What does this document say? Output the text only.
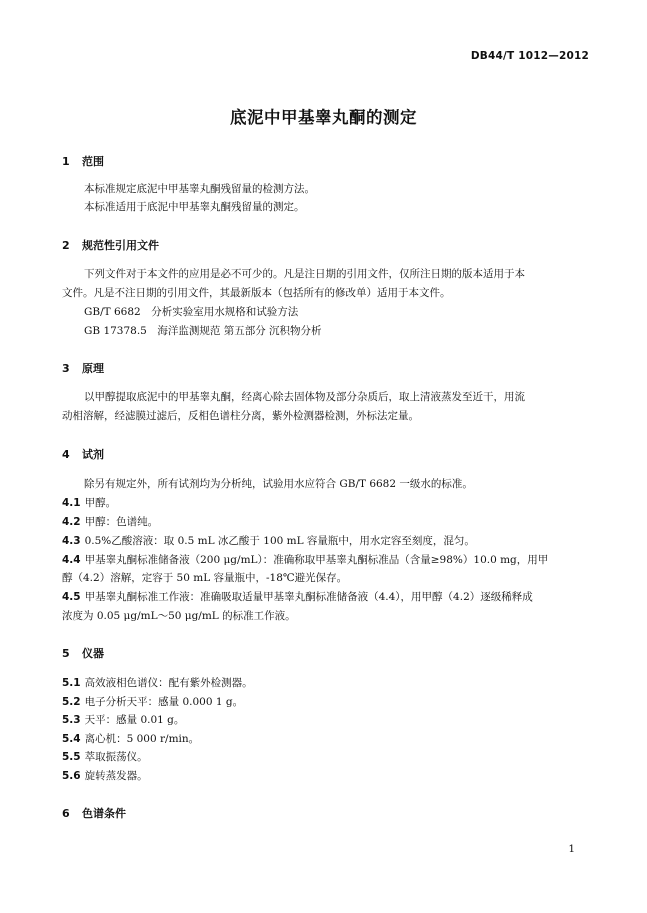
DB44/T 1012—2012
底泥中甲基睾丸酮的测定
1 范围
本标准规定底泥中甲基睾丸酮残留量的检测方法。
本标准适用于底泥中甲基睾丸酮残留量的测定。
2 规范性引用文件
下列文件对于本文件的应用是必不可少的。凡是注日期的引用文件，仅所注日期的版本适用于本
文件。凡是不注日期的引用文件，其最新版本（包括所有的修改单）适用于本文件。
GB/T 6682　分析实验室用水规格和试验方法
GB 17378.5　海洋监测规范 第五部分 沉积物分析
3 原理
以甲醇提取底泥中的甲基睾丸酮，经离心除去固体物及部分杂质后，取上清液蒸发至近干，用流
动相溶解，经滤膜过滤后，反相色谱柱分离，紫外检测器检测，外标法定量。
4 试剂
除另有规定外，所有试剂均为分析纯，试验用水应符合 GB/T 6682 一级水的标准。
4.1 甲醇。
4.2 甲醇：色谱纯。
4.3 0.5%乙酸溶液：取 0.5 mL 冰乙酸于 100 mL 容量瓶中，用水定容至刻度，混匀。
4.4 甲基睾丸酮标准储备液（200 μg/mL）：准确称取甲基睾丸酮标准品（含量≥98%）10.0 mg，用甲
醇（4.2）溶解，定容于 50 mL 容量瓶中，-18℃避光保存。
4.5 甲基睾丸酮标准工作液：准确吸取适量甲基睾丸酮标准储备液（4.4），用甲醇（4.2）逐级稀释成
浓度为 0.05 μg/mL～50 μg/mL 的标准工作液。
5 仪器
5.1 高效液相色谱仪：配有紫外检测器。
5.2 电子分析天平：感量 0.000 1 g。
5.3 天平：感量 0.01 g。
5.4 离心机：5 000 r/min。
5.5 萃取振荡仪。
5.6 旋转蒸发器。
6 色谱条件
1
